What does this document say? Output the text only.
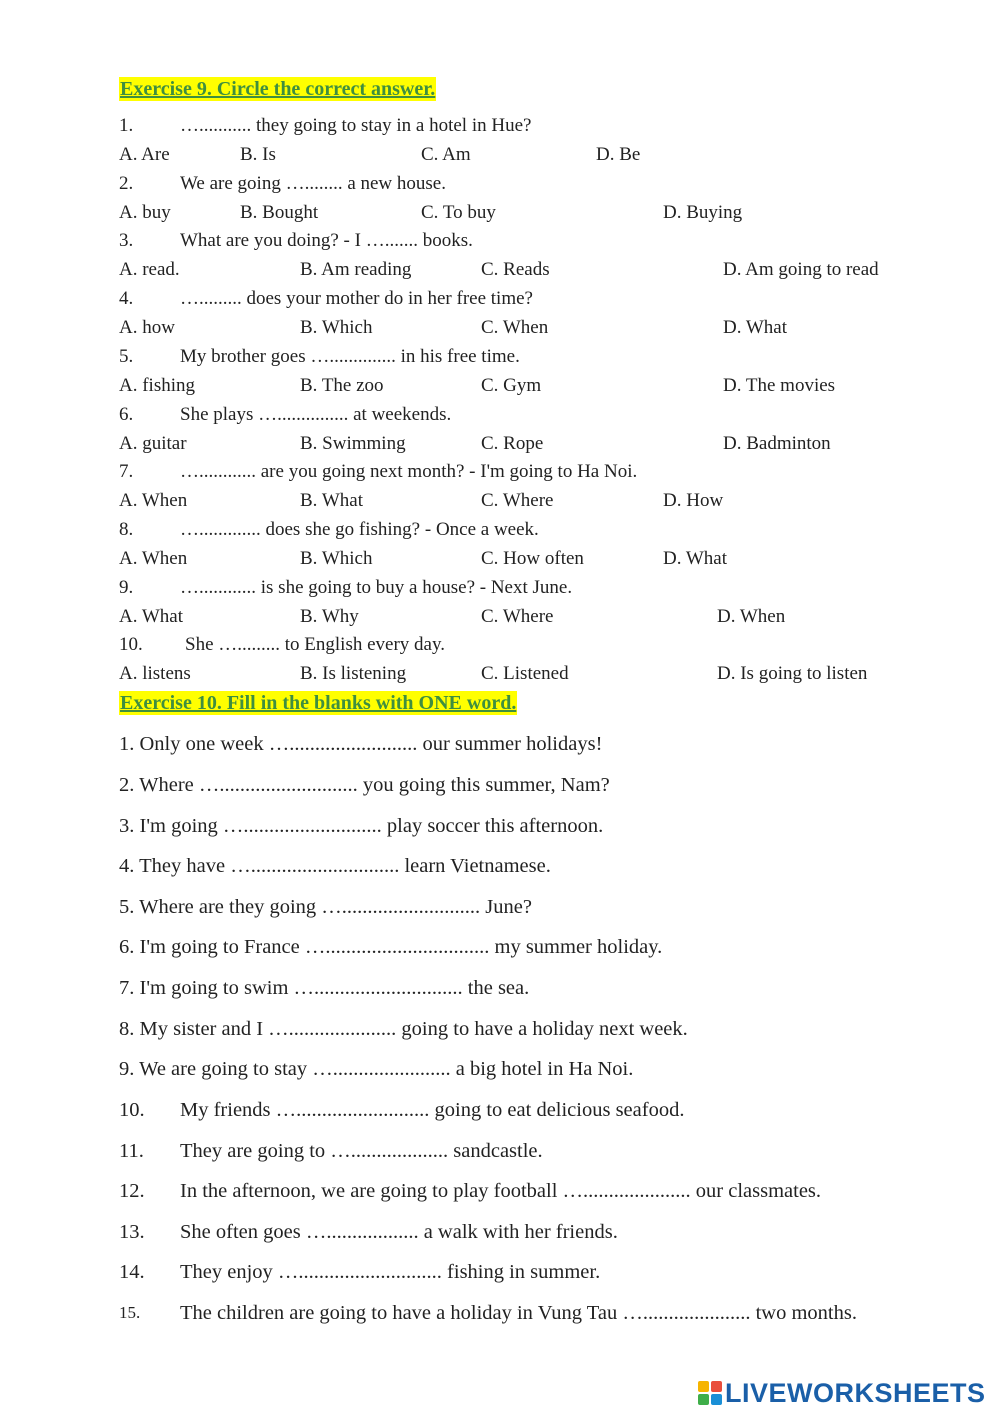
Exercise 9. Circle the correct answer.
1. …........... they going to stay in a hotel in Hue?
A. Are	B. Is	C. Am	D. Be
2. We are going …........ a new house.
A. buy	B. Bought	C. To buy	D. Buying
3. What are you doing? - I …....... books.
A. read.	B. Am reading	C. Reads	D. Am going to read
4. …......... does your mother do in her free time?
A. how	B. Which	C. When	D. What
5. My brother goes ….............. in his free time.
A. fishing	B. The zoo	C. Gym	D. The movies
6. She plays …............... at weekends.
A. guitar	B. Swimming	C. Rope	D. Badminton
7. …............ are you going next month? - I'm going to Ha Noi.
A. When	B. What	C. Where	D. How
8. …............. does she go fishing? - Once a week.
A. When	B. Which	C. How often	D. What
9. …............ is she going to buy a house? - Next June.
A. What	B. Why	C. Where	D. When
10. She …......... to English every day.
A. listens	B. Is listening	C. Listened	D. Is going to listen
Exercise 10. Fill in the blanks with ONE word.
1. Only one week …......................... our summer holidays!
2. Where …........................... you going this summer, Nam?
3. I'm going …........................... play soccer this afternoon.
4. They have …............................. learn Vietnamese.
5. Where are they going …........................... June?
6. I'm going to France …................................ my summer holiday.
7. I'm going to swim …............................. the sea.
8. My sister and I …..................... going to have a holiday next week.
9. We are going to stay …....................... a big hotel in Ha Noi.
10. My friends ….......................... going to eat delicious seafood.
11. They are going to …................... sandcastle.
12. In the afternoon, we are going to play football …..................... our classmates.
13. She often goes ….................. a walk with her friends.
14. They enjoy …............................ fishing in summer.
15. The children are going to have a holiday in Vung Tau …..................... two months.
LIVEWORKSHEETS
